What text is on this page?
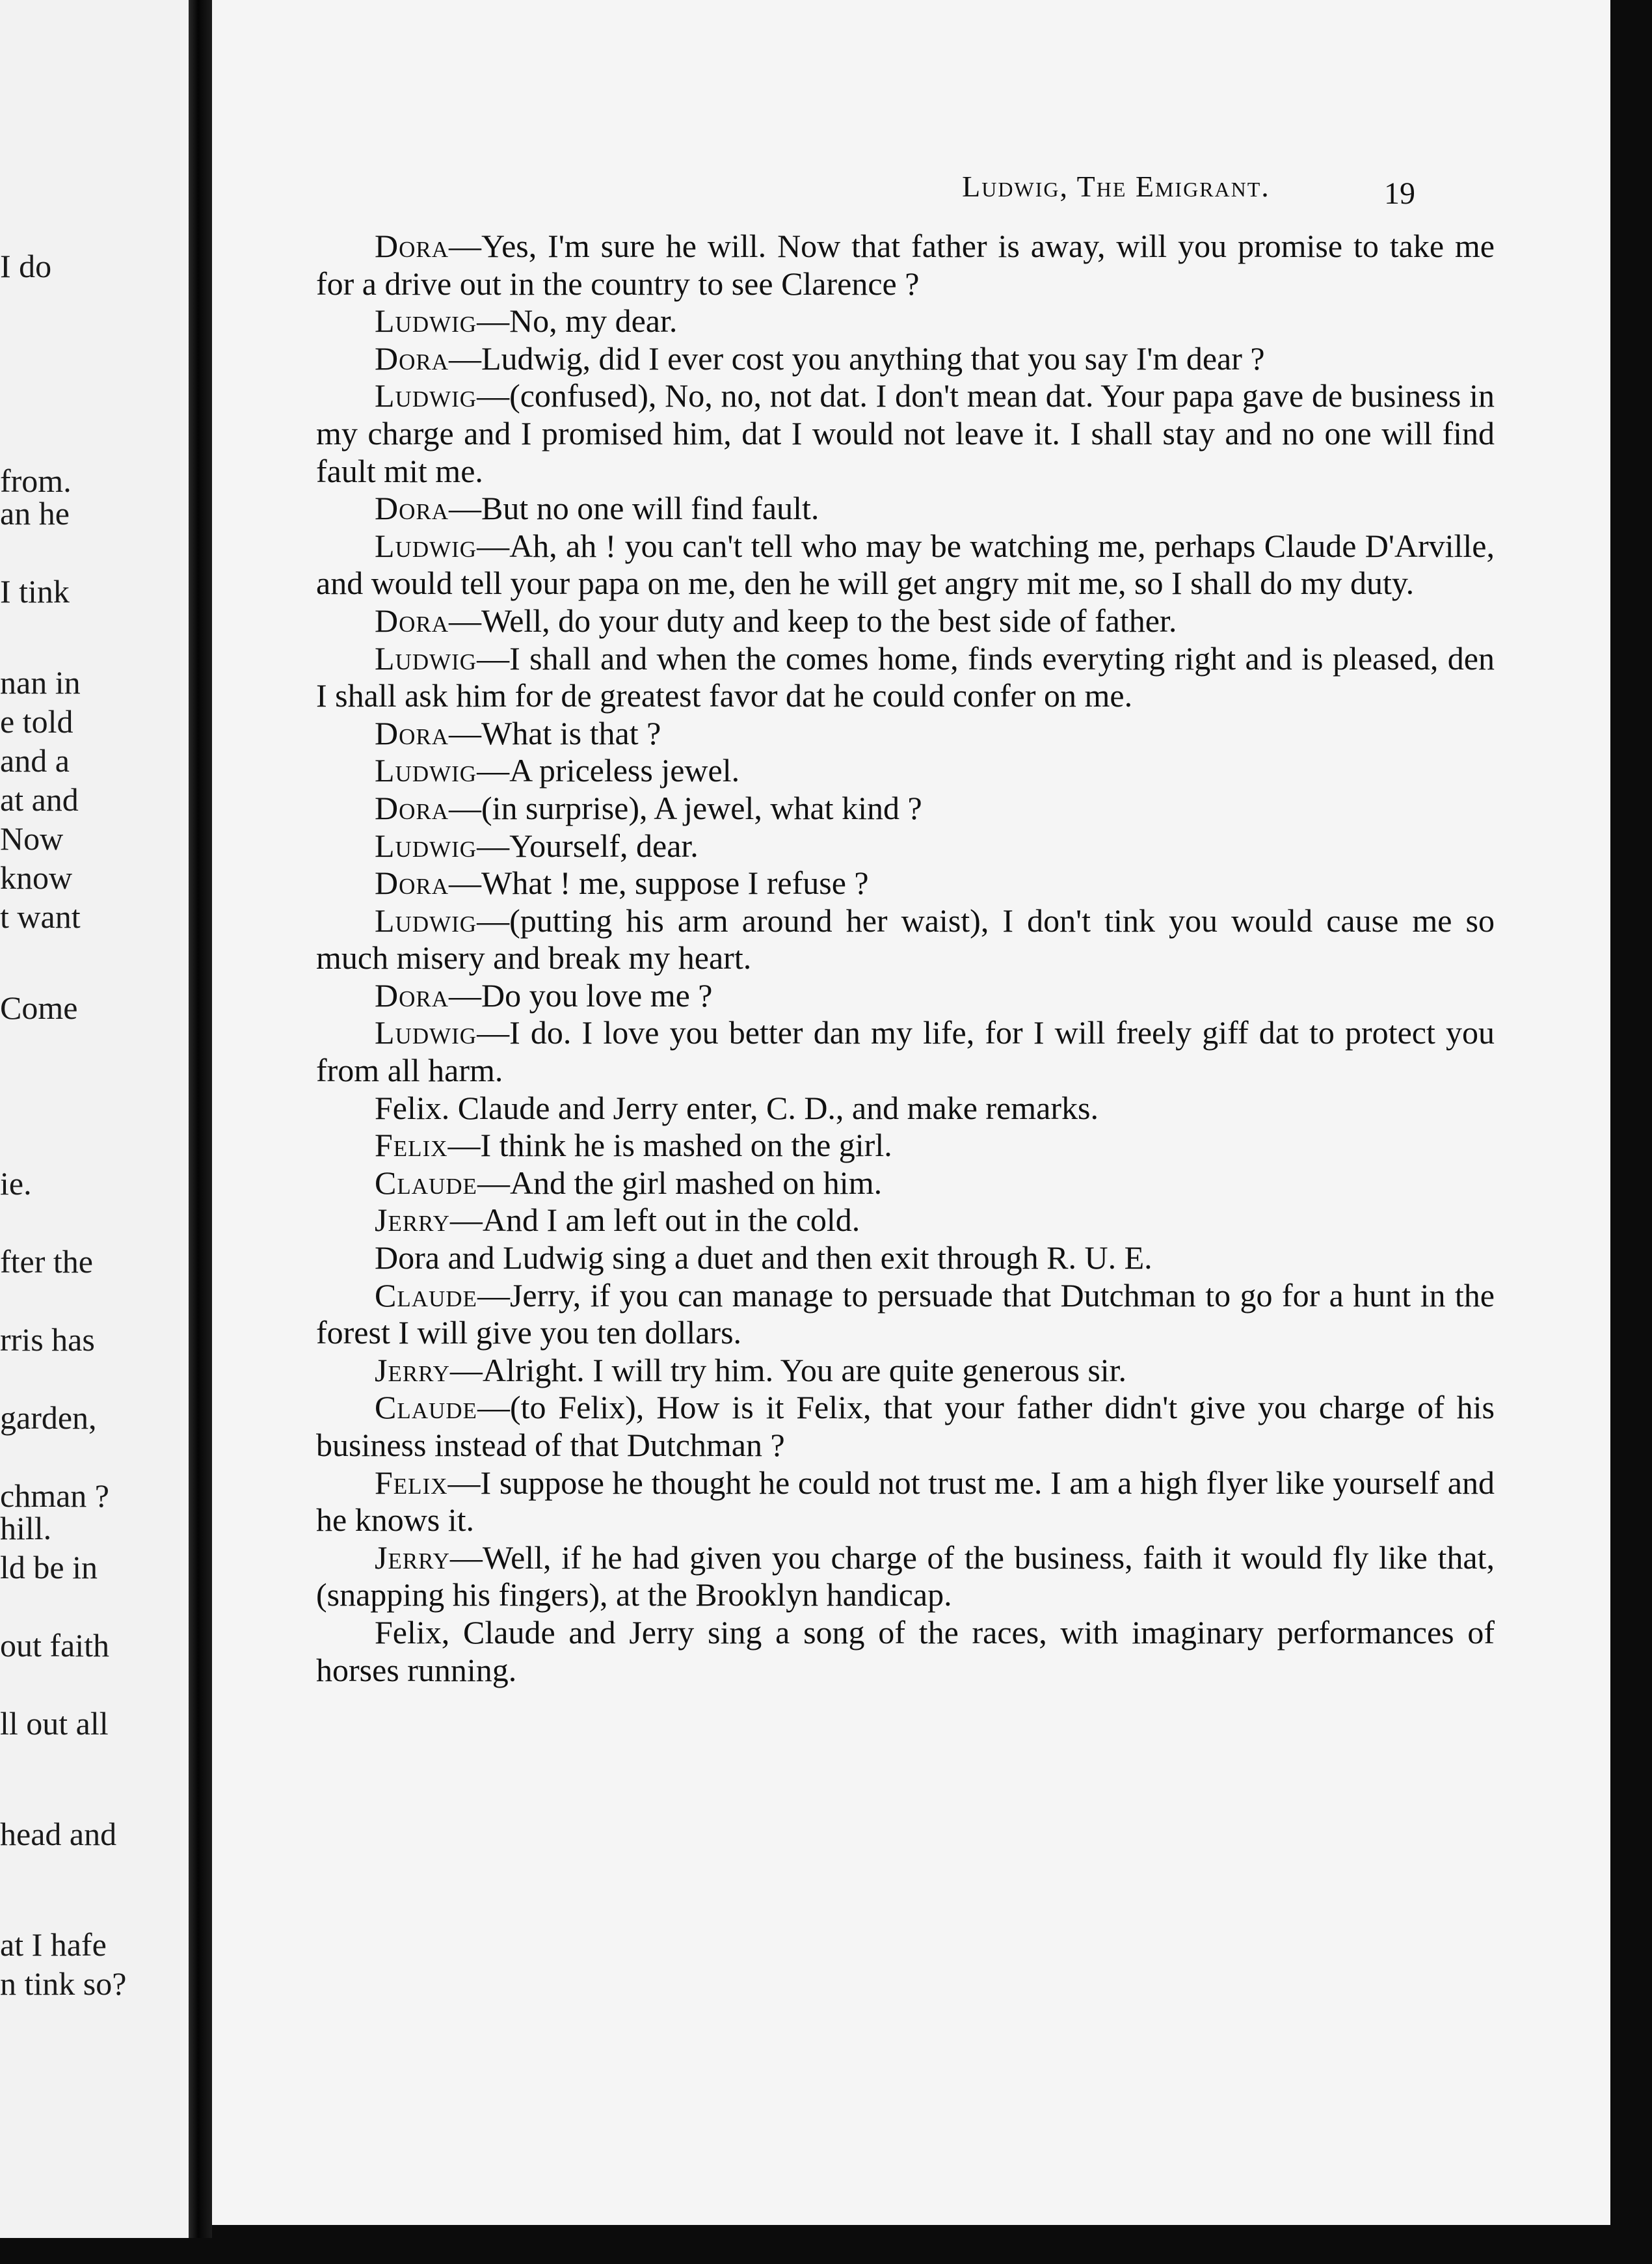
I do
from.
an he
I tink
nan in
e told
and a
at and
Now
know
t want
Come
ie.
fter the
rris has
garden,
chman ?
hill.
ld be in
out faith
ll out all
head and
at I hafe
n tink so?
Ludwig, The Emigrant.	19

Dora—Yes, I'm sure he will. Now that father is away, will you promise to take me for a drive out in the country to see Clarence ?

Ludwig—No, my dear.

Dora—Ludwig, did I ever cost you anything that you say I'm dear ?

Ludwig—(confused), No, no, not dat. I don't mean dat. Your papa gave de business in my charge and I promised him, dat I would not leave it. I shall stay and no one will find fault mit me.

Dora—But no one will find fault.

Ludwig—Ah, ah ! you can't tell who may be watching me, perhaps Claude D'Arville, and would tell your papa on me, den he will get angry mit me, so I shall do my duty.

Dora—Well, do your duty and keep to the best side of father.

Ludwig—I shall and when the comes home, finds everyting right and is pleased, den I shall ask him for de greatest favor dat he could confer on me.

Dora—What is that ?

Ludwig—A priceless jewel.

Dora—(in surprise), A jewel, what kind ?

Ludwig—Yourself, dear.

Dora—What ! me, suppose I refuse ?

Ludwig—(putting his arm around her waist), I don't tink you would cause me so much misery and break my heart.

Dora—Do you love me ?

Ludwig—I do. I love you better dan my life, for I will freely giff dat to protect you from all harm.

Felix. Claude and Jerry enter, C. D., and make remarks.

Felix—I think he is mashed on the girl.

Claude—And the girl mashed on him.

Jerry—And I am left out in the cold.

Dora and Ludwig sing a duet and then exit through R. U. E.

Claude—Jerry, if you can manage to persuade that Dutchman to go for a hunt in the forest I will give you ten dollars.

Jerry—Alright. I will try him. You are quite generous sir.

Claude—(to Felix), How is it Felix, that your father didn't give you charge of his business instead of that Dutchman ?

Felix—I suppose he thought he could not trust me. I am a high flyer like yourself and he knows it.

Jerry—Well, if he had given you charge of the business, faith it would fly like that, (snapping his fingers), at the Brooklyn handicap.

Felix, Claude and Jerry sing a song of the races, with imaginary performances of horses running.
